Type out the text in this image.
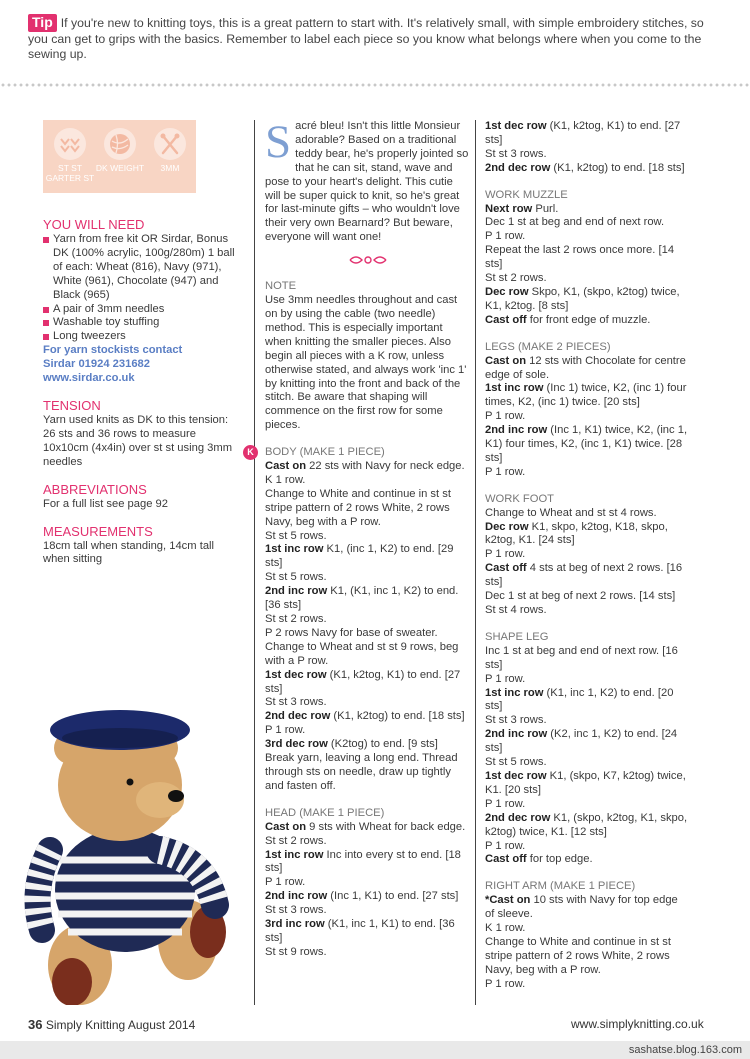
Tip If you're new to knitting toys, this is a great pattern to start with. It's relatively small, with simple embroidery stitches, so you can get to grips with the basics. Remember to label each piece so you know what belongs where when you come to the sewing up.
ST ST GARTER ST
DK WEIGHT	3MM
YOU WILL NEED
Yarn from free kit OR Sirdar, Bonus DK (100% acrylic, 100g/280m) 1 ball of each: Wheat (816), Navy (971), White (961), Chocolate (947) and Black (965)
A pair of 3mm needles
Washable toy stuffing
Long tweezers
For yarn stockists contact
Sirdar 01924 231682
www.sirdar.co.uk
TENSION
Yarn used knits as DK to this tension: 26 sts and 36 rows to measure 10x10cm (4x4in) over st st using 3mm needles
ABBREVIATIONS
For a full list see page 92
MEASUREMENTS
18cm tall when standing, 14cm tall when sitting
Sacré bleu! Isn't this little Monsieur adorable? Based on a traditional teddy bear, he's properly jointed so that he can sit, stand, wave and pose to your heart's delight. This cutie will be super quick to knit, so he's great for last-minute gifts – who wouldn't love their very own Bearnard? But beware, everyone will want one!
NOTE
Use 3mm needles throughout and cast on by using the cable (two needle) method. This is especially important when knitting the smaller pieces. Also begin all pieces with a K row, unless otherwise stated, and always work 'inc 1' by knitting into the front and back of the stitch. Be aware that shaping will commence on the first row for some pieces.
K	BODY (MAKE 1 PIECE)
Cast on 22 sts with Navy for neck edge.
K 1 row.
Change to White and continue in st st stripe pattern of 2 rows White, 2 rows Navy, beg with a P row.
St st 5 rows.
1st inc row K1, (inc 1, K2) to end. [29 sts]
St st 5 rows.
2nd inc row K1, (K1, inc 1, K2) to end. [36 sts]
St st 2 rows.
P 2 rows Navy for base of sweater.
Change to Wheat and st st 9 rows, beg with a P row.
1st dec row (K1, k2tog, K1) to end. [27 sts]
St st 3 rows.
2nd dec row (K1, k2tog) to end. [18 sts]
P 1 row.
3rd dec row (K2tog) to end. [9 sts]
Break yarn, leaving a long end. Thread through sts on needle, draw up tightly and fasten off.
HEAD (MAKE 1 PIECE)
Cast on 9 sts with Wheat for back edge.
St st 2 rows.
1st inc row Inc into every st to end. [18 sts]
P 1 row.
2nd inc row (Inc 1, K1) to end. [27 sts]
St st 3 rows.
3rd inc row (K1, inc 1, K1) to end. [36 sts]
St st 9 rows.
1st dec row (K1, k2tog, K1) to end. [27 sts]
St st 3 rows.
2nd dec row (K1, k2tog) to end. [18 sts]
WORK MUZZLE
Next row Purl.
Dec 1 st at beg and end of next row.
P 1 row.
Repeat the last 2 rows once more. [14 sts]
St st 2 rows.
Dec row Skpo, K1, (skpo, k2tog) twice, K1, k2tog. [8 sts]
Cast off for front edge of muzzle.
LEGS (MAKE 2 PIECES)
Cast on 12 sts with Chocolate for centre edge of sole.
1st inc row (Inc 1) twice, K2, (inc 1) four times, K2, (inc 1) twice. [20 sts]
P 1 row.
2nd inc row (Inc 1, K1) twice, K2, (inc 1, K1) four times, K2, (inc 1, K1) twice. [28 sts]
P 1 row.
WORK FOOT
Change to Wheat and st st 4 rows.
Dec row K1, skpo, k2tog, K18, skpo, k2tog, K1. [24 sts]
P 1 row.
Cast off 4 sts at beg of next 2 rows. [16 sts]
Dec 1 st at beg of next 2 rows. [14 sts]
St st 4 rows.
SHAPE LEG
Inc 1 st at beg and end of next row. [16 sts]
P 1 row.
1st inc row (K1, inc 1, K2) to end. [20 sts]
St st 3 rows.
2nd inc row (K2, inc 1, K2) to end. [24 sts]
St st 5 rows.
1st dec row K1, (skpo, K7, k2tog) twice, K1. [20 sts]
P 1 row.
2nd dec row K1, (skpo, k2tog, K1, skpo, k2tog) twice, K1. [12 sts]
P 1 row.
Cast off for top edge.
RIGHT ARM (MAKE 1 PIECE)
*Cast on 10 sts with Navy for top edge of sleeve.
K 1 row.
Change to White and continue in st st stripe pattern of 2 rows White, 2 rows Navy, beg with a P row.
P 1 row.
36 Simply Knitting August 2014	www.simplyknitting.co.uk
sashatse.blog.163.com
